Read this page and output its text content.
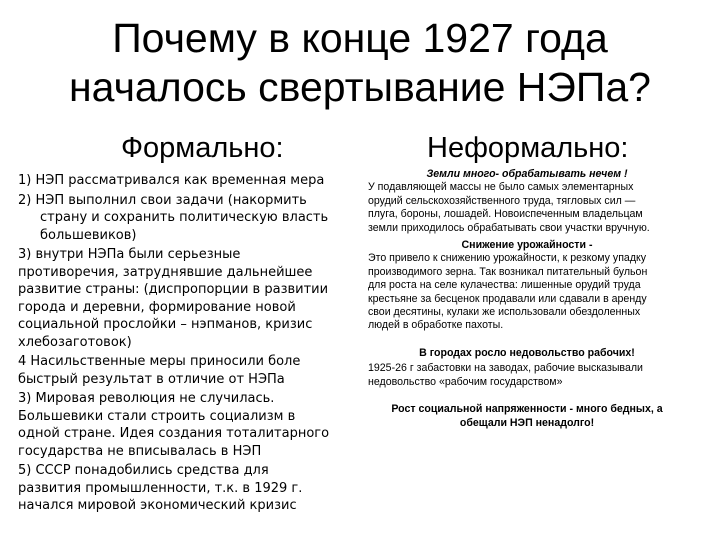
Почему в конце 1927 года
началось свертывание НЭПа?
Формально:	Неформально:
1) НЭП рассматривался как временная мера
2) НЭП выполнил свои задачи (накормить
страну и сохранить политическую власть
большевиков)
3) внутри НЭПа были серьезные
противоречия, затруднявшие дальнейшее
развитие страны: (диспропорции в развитии
города и деревни, формирование новой
социальной прослойки – нэпманов, кризис
хлебозаготовок)
4 Насильственные меры приносили боле
быстрый результат в отличие от НЭПа
3) Мировая революция не случилась.
Большевики стали строить социализм в
одной стране. Идея создания тоталитарного
государства не вписывалась в НЭП
5) СССР понадобились средства для
развития промышленности, т.к. в 1929 г.
начался мировой экономический кризис
Земли много- обрабатывать нечем !
У подавляющей массы не было самых элементарных
орудий сельскохозяйственного труда, тягловых сил —
плуга, бороны, лошадей. Новоиспеченным владельцам
земли приходилось обрабатывать свои участки вручную.
Снижение урожайности -
Это привело к снижению урожайности, к резкому упадку
производимого зерна. Так возникал питательный бульон
для роста на селе кулачества: лишенные орудий труда
крестьяне за бесценок продавали или сдавали в аренду
свои десятины, кулаки же использовали обездоленных
людей в обработке пахоты.
В городах росло недовольство рабочих!
1925-26 г забастовки на заводах, рабочие высказывали
недовольство «рабочим государством»
Рост социальной напряженности - много бедных, а
обещали НЭП ненадолго!
